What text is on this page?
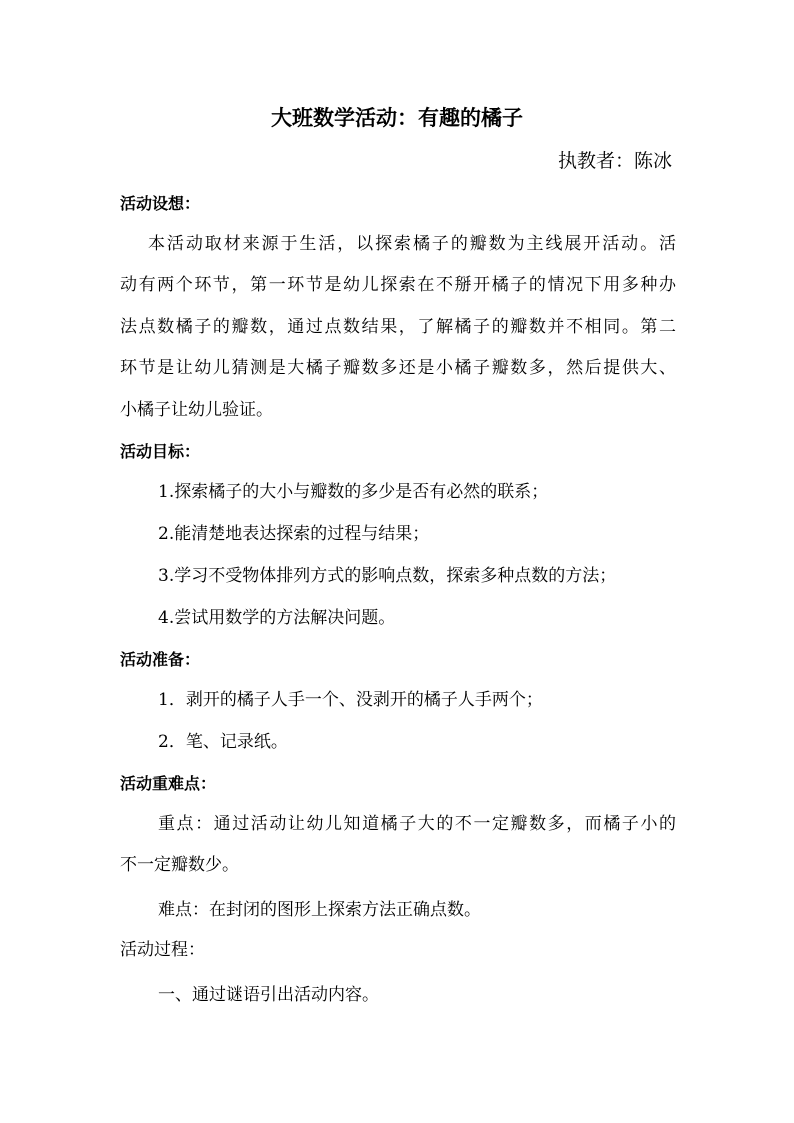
大班数学活动：有趣的橘子
执教者：陈冰
活动设想：
本活动取材来源于生活，以探索橘子的瓣数为主线展开活动。活
动有两个环节，第一环节是幼儿探索在不掰开橘子的情况下用多种办
法点数橘子的瓣数，通过点数结果，了解橘子的瓣数并不相同。第二
环节是让幼儿猜测是大橘子瓣数多还是小橘子瓣数多，然后提供大、
小橘子让幼儿验证。
活动目标：
1.探索橘子的大小与瓣数的多少是否有必然的联系；
2.能清楚地表达探索的过程与结果；
3.学习不受物体排列方式的影响点数，探索多种点数的方法；
4.尝试用数学的方法解决问题。
活动准备：
1．剥开的橘子人手一个、没剥开的橘子人手两个；
2．笔、记录纸。
活动重难点：
重点：通过活动让幼儿知道橘子大的不一定瓣数多，而橘子小的
不一定瓣数少。
难点：在封闭的图形上探索方法正确点数。
活动过程：
一、通过谜语引出活动内容。
